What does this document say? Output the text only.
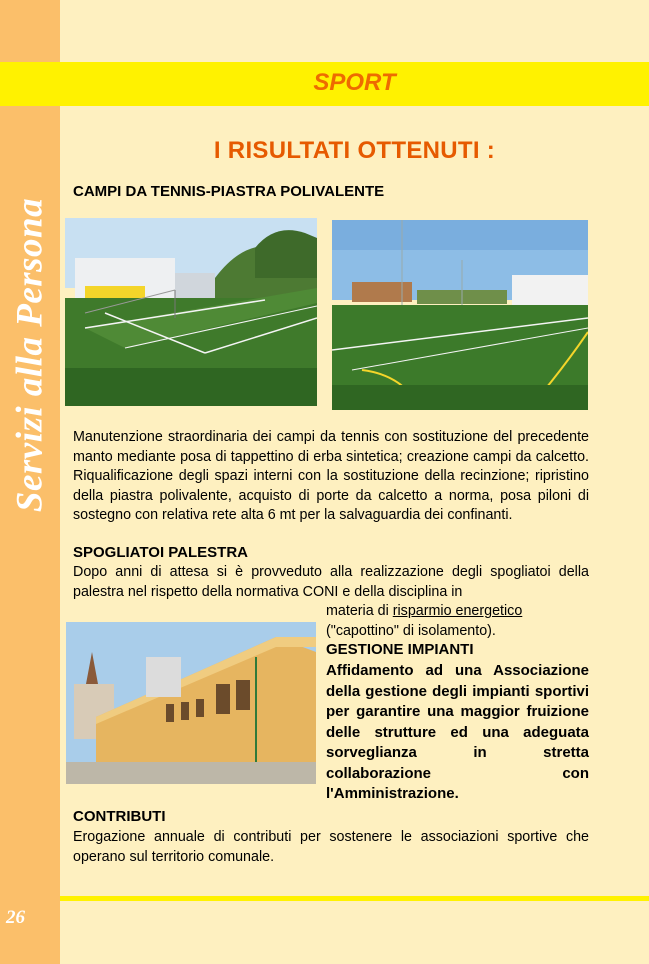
Servizi alla Persona
26
SPORT
I RISULTATI OTTENUTI :
CAMPI DA TENNIS-PIASTRA POLIVALENTE
Manutenzione straordinaria dei campi da tennis con sostituzione del precedente manto mediante posa di tappettino di erba sintetica; creazione campi da calcetto. Riqualificazione degli spazi interni con la sostituzione della recinzione; ripristino della piastra polivalente, acquisto di porte da calcetto a norma, posa piloni di sostegno con relativa rete alta 6 mt per la salvaguardia dei confinanti.
SPOGLIATOI PALESTRA
Dopo anni di attesa si è provveduto alla realizzazione degli spogliatoi della palestra nel rispetto della normativa CONI e della disciplina in
materia di risparmio energetico
("capottino" di isolamento).
GESTIONE IMPIANTI
Affidamento ad una Associazione della gestione degli impianti sportivi per garantire una maggior fruizione delle strutture ed una adeguata sorveglianza in stretta collaborazione con l'Amministrazione.
CONTRIBUTI
Erogazione annuale di contributi per sostenere le associazioni sportive che operano sul territorio comunale.
